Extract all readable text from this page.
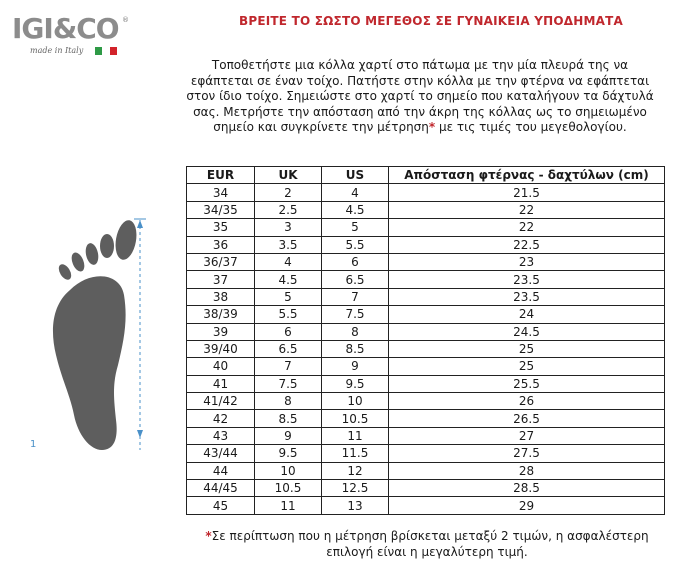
IGI&CO ®
made in Italy
ΒΡΕΙΤΕ ΤΟ ΣΩΣΤΟ ΜΕΓΕΘΟΣ ΣΕ ΓΥΝΑΙΚΕΙΑ ΥΠΟΔΗΜΑΤΑ
Τοποθετήστε μια κόλλα χαρτί στο πάτωμα με την μία πλευρά της να εφάπτεται σε έναν τοίχο. Πατήστε στην κόλλα με την φτέρνα να εφάπτεται στον ίδιο τοίχο. Σημειώστε στο χαρτί το σημείο που καταλήγουν τα δάχτυλά σας. Μετρήστε την απόσταση από την άκρη της κόλλας ως το σημειωμένο σημείο και συγκρίνετε την μέτρηση* με τις τιμές του μεγεθολογίου.
1
EUR	UK	US	Απόσταση φτέρνας - δαχτύλων (cm)
34	2	4	21.5
34/35	2.5	4.5	22
35	3	5	22
36	3.5	5.5	22.5
36/37	4	6	23
37	4.5	6.5	23.5
38	5	7	23.5
38/39	5.5	7.5	24
39	6	8	24.5
39/40	6.5	8.5	25
40	7	9	25
41	7.5	9.5	25.5
41/42	8	10	26
42	8.5	10.5	26.5
43	9	11	27
43/44	9.5	11.5	27.5
44	10	12	28
44/45	10.5	12.5	28.5
45	11	13	29
*Σε περίπτωση που η μέτρηση βρίσκεται μεταξύ 2 τιμών, η ασφαλέστερη επιλογή είναι η μεγαλύτερη τιμή.
